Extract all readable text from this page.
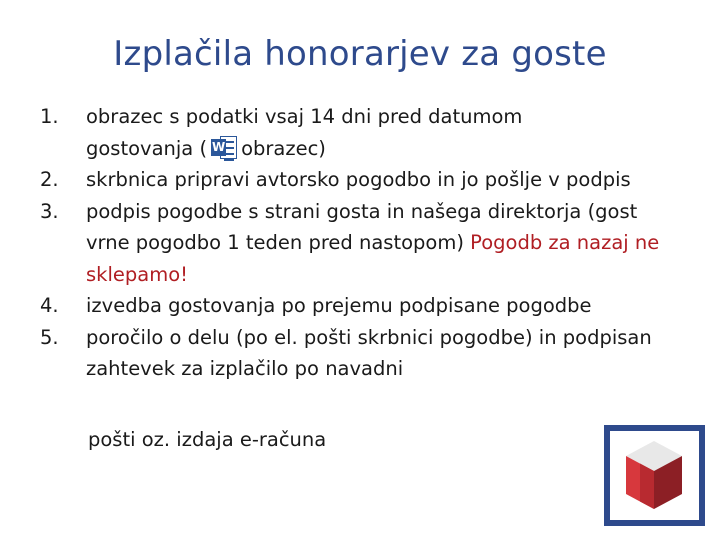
Izplačila honorarjev za goste
1. obrazec s podatki vsaj 14 dni pred datumom
gostovanja ( W obrazec)
2. skrbnica pripravi avtorsko pogodbo in jo pošlje v podpis
3. podpis pogodbe s strani gosta in našega direktorja (gost vrne pogodbo 1 teden pred nastopom) Pogodb za nazaj ne sklepamo!
4. izvedba gostovanja po prejemu podpisane pogodbe
5. poročilo o delu (po el. pošti skrbnici pogodbe) in podpisan zahtevek za izplačilo po navadni
pošti oz. izdaja e-računa
